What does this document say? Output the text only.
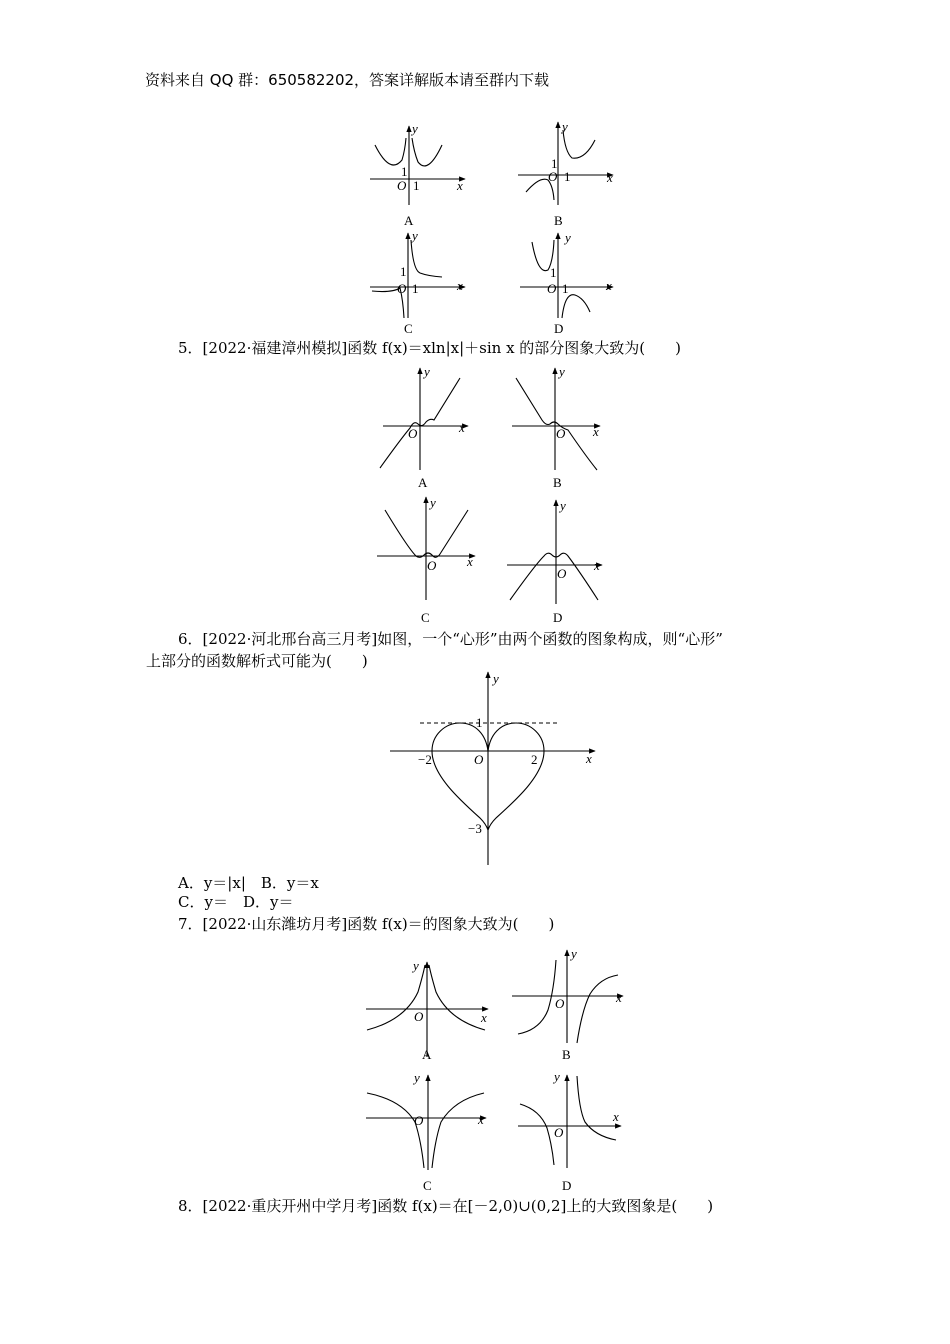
资料来自 QQ 群：650582202，答案详解版本请至群内下载
y
x
O
1
1
y
x
O
1
1
y
x
O
1
1
y
x
O
1
1
y
x
O
y
x
O
y
x
O
y
x
O
y
x
O
−2	2
1
−3
y
x
O
y
x
O
y
x
O
y
x
O
A	B
C	D
A	B
C	D
A	B
C	D
5．[2022·福建漳州模拟]函数 f(x)＝xln|x|＋sin x 的部分图象大致为(　　)
6．[2022·河北邢台高三月考]如图，一个“心形”由两个函数的图象构成，则“心形”
上部分的函数解析式可能为(　　)
A．y＝|x|　B．y＝x
C．y＝　D．y＝
7．[2022·山东潍坊月考]函数 f(x)＝的图象大致为(　　)
8．[2022·重庆开州中学月考]函数 f(x)＝在[－2,0)∪(0,2]上的大致图象是(　　)
